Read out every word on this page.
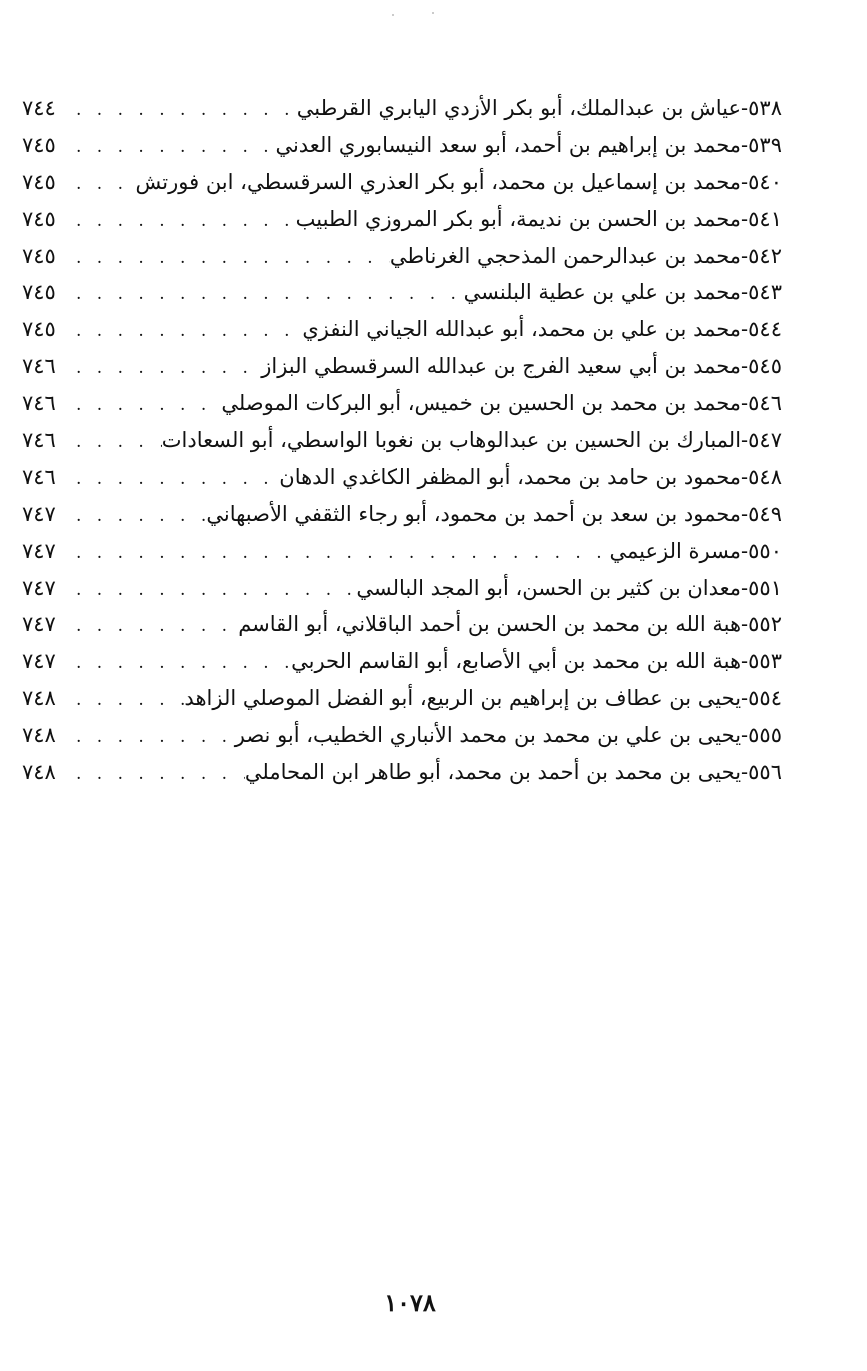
٥٣٨-
عياش بن عبدالملك، أبو بكر الأزدي اليابري القرطبي
. . .
٧٤٤
٥٣٩-
محمد بن إبراهيم بن أحمد، أبو سعد النيسابوري العدني
. . .
٧٤٥
٥٤٠-
محمد بن إسماعيل بن محمد، أبو بكر العذري السرقسطي، ابن فورتش
. . .
٧٤٥
٥٤١-
محمد بن الحسن بن نديمة، أبو بكر المروزي الطبيب
. . .
٧٤٥
٥٤٢-
محمد بن عبدالرحمن المذحجي الغرناطي
. . .
٧٤٥
٥٤٣-
محمد بن علي بن عطية البلنسي
. . .
٧٤٥
٥٤٤-
محمد بن علي بن محمد، أبو عبدالله الجياني النفزي
. . .
٧٤٥
٥٤٥-
محمد بن أبي سعيد الفرج بن عبدالله السرقسطي البزاز
. . .
٧٤٦
٥٤٦-
محمد بن محمد بن الحسين بن خميس، أبو البركات الموصلي
. . .
٧٤٦
٥٤٧-
المبارك بن الحسين بن عبدالوهاب بن نغوبا الواسطي، أبو السعادات
. . .
٧٤٦
٥٤٨-
محمود بن حامد بن محمد، أبو المظفر الكاغدي الدهان
. . .
٧٤٦
٥٤٩-
محمود بن سعد بن أحمد بن محمود، أبو رجاء الثقفي الأصبهاني
. . .
٧٤٧
٥٥٠-
مسرة الزعيمي
. . .
٧٤٧
٥٥١-
معدان بن كثير بن الحسن، أبو المجد البالسي
. . .
٧٤٧
٥٥٢-
هبة الله بن محمد بن الحسن بن أحمد الباقلاني، أبو القاسم
. . .
٧٤٧
٥٥٣-
هبة الله بن محمد بن أبي الأصابع، أبو القاسم الحربي
. . .
٧٤٧
٥٥٤-
يحيى بن عطاف بن إبراهيم بن الربيع، أبو الفضل الموصلي الزاهد
. . .
٧٤٨
٥٥٥-
يحيى بن علي بن محمد بن محمد الأنباري الخطيب، أبو نصر
. . .
٧٤٨
٥٥٦-
يحيى بن محمد بن أحمد بن محمد، أبو طاهر ابن المحاملي
. . .
٧٤٨
١٠٧٨
